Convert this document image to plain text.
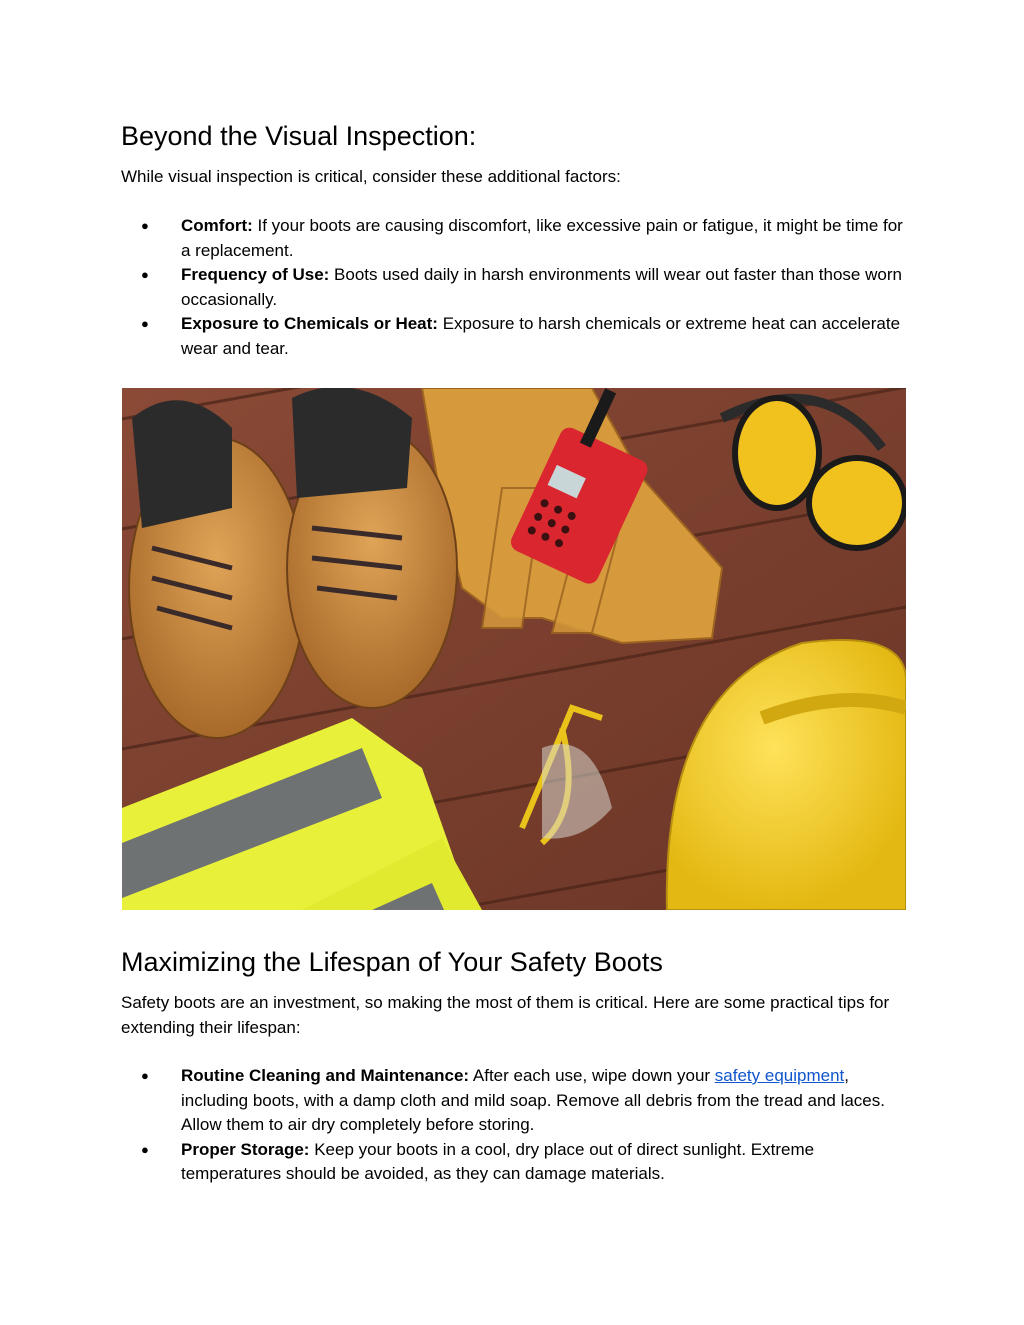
Beyond the Visual Inspection:

While visual inspection is critical, consider these additional factors:

● Comfort: If your boots are causing discomfort, like excessive pain or fatigue, it might be time for a replacement.
● Frequency of Use: Boots used daily in harsh environments will wear out faster than those worn occasionally.
● Exposure to Chemicals or Heat: Exposure to harsh chemicals or extreme heat can accelerate wear and tear.
Maximizing the Lifespan of Your Safety Boots

Safety boots are an investment, so making the most of them is critical. Here are some practical tips for extending their lifespan:

● Routine Cleaning and Maintenance: After each use, wipe down your safety equipment, including boots, with a damp cloth and mild soap. Remove all debris from the tread and laces. Allow them to air dry completely before storing.
● Proper Storage: Keep your boots in a cool, dry place out of direct sunlight. Extreme temperatures should be avoided, as they can damage materials.
